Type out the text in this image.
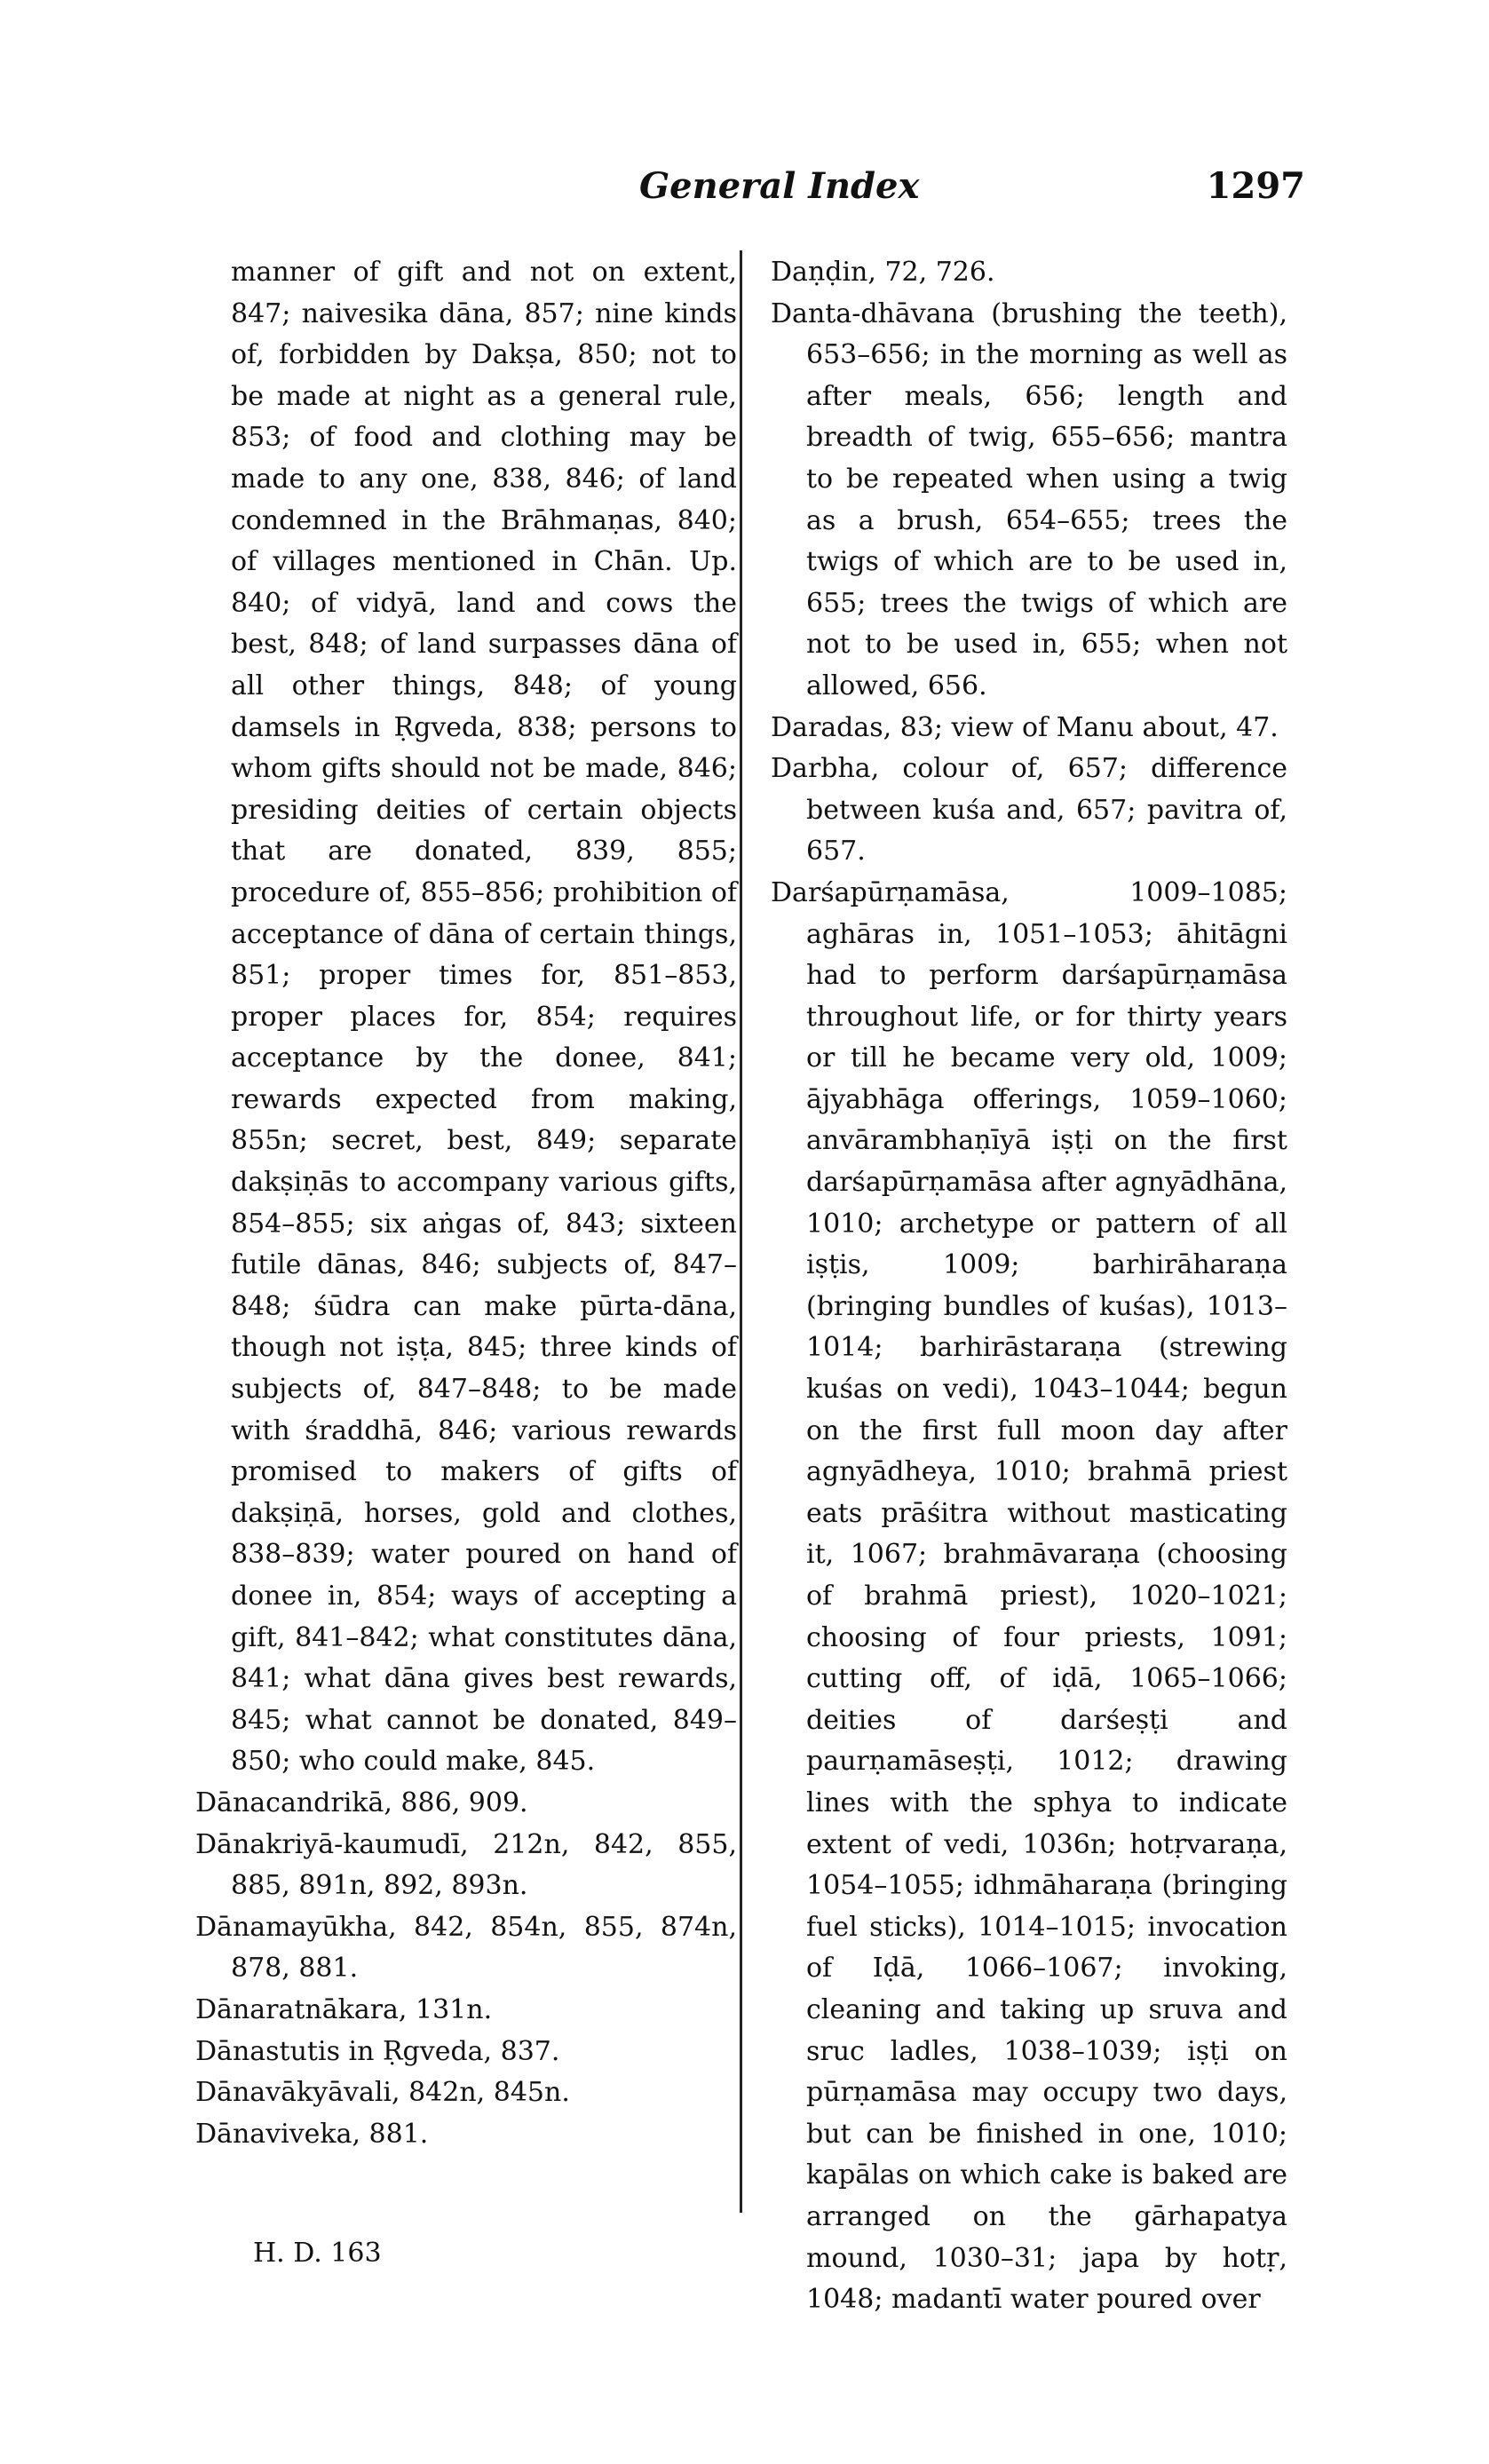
General Index	1297

manner of gift and not on extent, 847; naivesika dāna, 857; nine kinds of, forbidden by Dakṣa, 850; not to be made at night as a general rule, 853; of food and clothing may be made to any one, 838, 846; of land condemned in the Brāhmaṇas, 840; of villages mentioned in Chān. Up. 840; of vidyā, land and cows the best, 848; of land surpasses dāna of all other things, 848; of young damsels in Ṛgveda, 838; persons to whom gifts should not be made, 846; presiding deities of certain objects that are donated, 839, 855; procedure of, 855–856; prohibition of acceptance of dāna of certain things, 851; proper times for, 851–853, proper places for, 854; requires acceptance by the donee, 841; rewards expected from making, 855n; secret, best, 849; separate dakṣiṇās to accompany various gifts, 854–855; six aṅgas of, 843; sixteen futile dānas, 846; subjects of, 847–848; śūdra can make pūrta-dāna, though not iṣṭa, 845; three kinds of subjects of, 847–848; to be made with śraddhā, 846; various rewards promised to makers of gifts of dakṣiṇā, horses, gold and clothes, 838–839; water poured on hand of donee in, 854; ways of accepting a gift, 841–842; what constitutes dāna, 841; what dāna gives best rewards, 845; what cannot be donated, 849–850; who could make, 845.

Dānacandrikā, 886, 909.

Dānakriyā-kaumudī, 212n, 842, 855, 885, 891n, 892, 893n.

Dānamayūkha, 842, 854n, 855, 874n, 878, 881.

Dānaratnākara, 131n.

Dānastutis in Ṛgveda, 837.

Dānavākyāvali, 842n, 845n.

Dānaviveka, 881.

Daṇḍin, 72, 726.

Danta-dhāvana (brushing the teeth), 653–656; in the morning as well as after meals, 656; length and breadth of twig, 655–656; mantra to be repeated when using a twig as a brush, 654–655; trees the twigs of which are to be used in, 655; trees the twigs of which are not to be used in, 655; when not allowed, 656.

Daradas, 83; view of Manu about, 47.

Darbha, colour of, 657; difference between kuśa and, 657; pavitra of, 657.

Darśapūrṇamāsa, 1009–1085; aghāras in, 1051–1053; āhitāgni had to perform darśapūrṇamāsa throughout life, or for thirty years or till he became very old, 1009; ājyabhāga offerings, 1059–1060; anvārambhaṇīyā iṣṭi on the first darśapūrṇamāsa after agnyādhāna, 1010; archetype or pattern of all iṣṭis, 1009; barhirāharaṇa (bringing bundles of kuśas), 1013–1014; barhirāstaraṇa (strewing kuśas on vedi), 1043–1044; begun on the first full moon day after agnyādheya, 1010; brahmā priest eats prāśitra without masticating it, 1067; brahmāvaraṇa (choosing of brahmā priest), 1020–1021; choosing of four priests, 1091; cutting off, of iḍā, 1065–1066; deities of darśeṣṭi and paurṇamāseṣṭi, 1012; drawing lines with the sphya to indicate extent of vedi, 1036n; hotṛvaraṇa, 1054–1055; idhmāharaṇa (bringing fuel sticks), 1014–1015; invocation of Iḍā, 1066–1067; invoking, cleaning and taking up sruva and sruc ladles, 1038–1039; iṣṭi on pūrṇamāsa may occupy two days, but can be finished in one, 1010; kapālas on which cake is baked are arranged on the gārhapatya mound, 1030–31; japa by hotṛ, 1048; madantī water poured over

H. D. 163
